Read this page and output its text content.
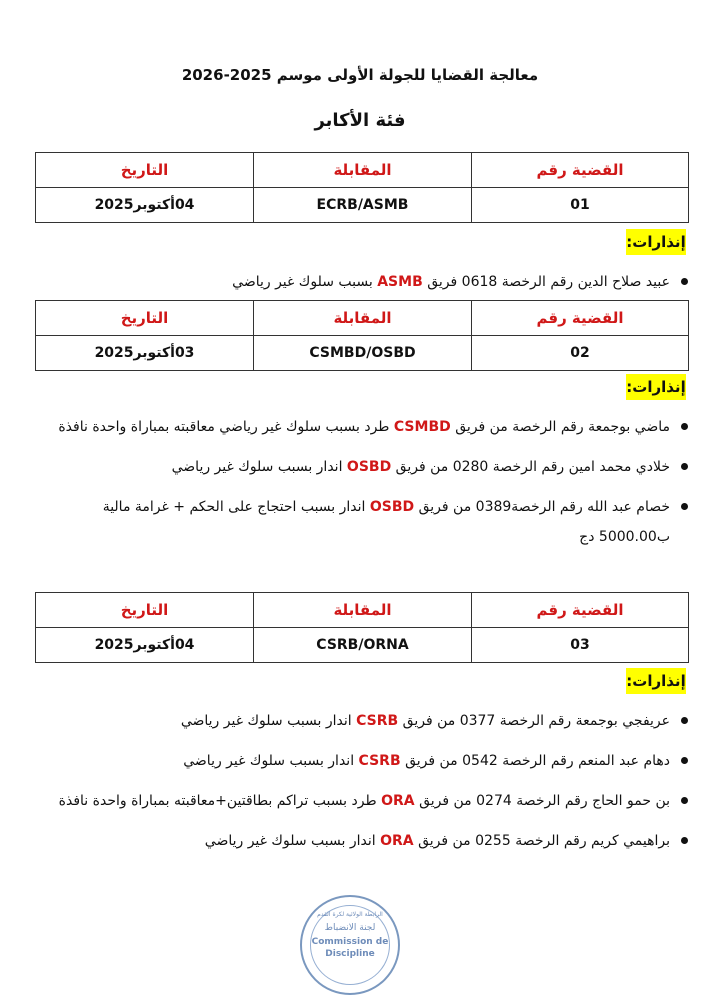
معالجة القضايا للجولة الأولى موسم 2025-2026
فئة الأكابر
القضية رقم	المقابلة	التاريخ
01	ECRB/ASMB	04أكتوبر2025
إنذارات:
عبيد صلاح الدين رقم الرخصة 0618 فريق ASMB بسبب سلوك غير رياضي
القضية رقم	المقابلة	التاريخ
02	CSMBD/OSBD	03أكتوبر2025
إنذارات:
ماضي بوجمعة رقم الرخصة من فريق CSMBD طرد بسبب سلوك غير رياضي معاقبته بمباراة واحدة نافذة
خلادي محمد امين رقم الرخصة 0280 من فريق OSBD اندار بسبب سلوك غير رياضي
خصام عبد الله رقم الرخصة0389 من فريق OSBD اندار بسبب احتجاج على الحكم + غرامة مالية ب5000.00 دج
القضية رقم	المقابلة	التاريخ
03	CSRB/ORNA	04أكتوبر2025
إنذارات:
عريفجي بوجمعة رقم الرخصة 0377 من فريق CSRB اندار بسبب سلوك غير رياضي
دهام عبد المنعم رقم الرخصة 0542 من فريق CSRB اندار بسبب سلوك غير رياضي
بن حمو الحاج رقم الرخصة 0274 من فريق ORA طرد بسبب تراكم بطاقتين+معاقبته بمباراة واحدة نافذة
براهيمي كريم رقم الرخصة 0255 من فريق ORA اندار بسبب سلوك غير رياضي
الرابطة الولائية لكرة القدم
لجنة الانضباط
Commission de
Discipline
